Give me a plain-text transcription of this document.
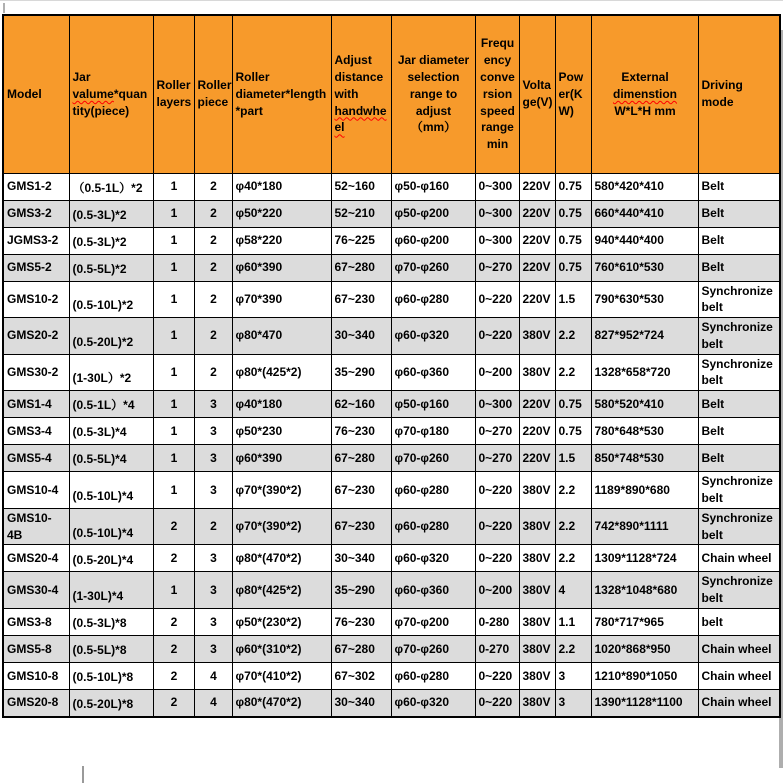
Model	Jar valume*quantity(piece)	Roller layers	Roller piece	Roller diameter*length*part	Adjust distance with handwheel	Jar diameter selection range to adjust （mm）	Frequency conversion speed range min	Voltage(V)	Power(KW)	External dimenstion W*L*H mm	Driving mode
GMS1-2	（0.5-1L）*2	1	2	φ40*180	52~160	φ50-φ160	0~300	220V	0.75	580*420*410	Belt
GMS3-2	(0.5-3L)*2	1	2	φ50*220	52~210	φ50-φ200	0~300	220V	0.75	660*440*410	Belt
JGMS3-2	(0.5-3L)*2	1	2	φ58*220	76~225	φ60-φ200	0~300	220V	0.75	940*440*400	Belt
GMS5-2	(0.5-5L)*2	1	2	φ60*390	67~280	φ70-φ260	0~270	220V	0.75	760*610*530	Belt
GMS10-2	(0.5-10L)*2	1	2	φ70*390	67~230	φ60-φ280	0~220	220V	1.5	790*630*530	Synchronize belt
GMS20-2	(0.5-20L)*2	1	2	φ80*470	30~340	φ60-φ320	0~220	380V	2.2	827*952*724	Synchronize belt
GMS30-2	(1-30L）*2	1	2	φ80*(425*2)	35~290	φ60-φ360	0~200	380V	2.2	1328*658*720	Synchronize belt
GMS1-4	(0.5-1L）*4	1	3	φ40*180	62~160	φ50-φ160	0~300	220V	0.75	580*520*410	Belt
GMS3-4	(0.5-3L)*4	1	3	φ50*230	76~230	φ70-φ180	0~270	220V	0.75	780*648*530	Belt
GMS5-4	(0.5-5L)*4	1	3	φ60*390	67~280	φ70-φ260	0~270	220V	1.5	850*748*530	Belt
GMS10-4	(0.5-10L)*4	1	3	φ70*(390*2)	67~230	φ60-φ280	0~220	380V	2.2	1189*890*680	Synchronize belt
GMS10-4B	(0.5-10L)*4	2	2	φ70*(390*2)	67~230	φ60-φ280	0~220	380V	2.2	742*890*1111	Synchronize belt
GMS20-4	(0.5-20L)*4	2	3	φ80*(470*2)	30~340	φ60-φ320	0~220	380V	2.2	1309*1128*724	Chain wheel
GMS30-4	(1-30L)*4	1	3	φ80*(425*2)	35~290	φ60-φ360	0~200	380V	4	1328*1048*680	Synchronize belt
GMS3-8	(0.5-3L)*8	2	3	φ50*(230*2)	76~230	φ70-φ200	0-280	380V	1.1	780*717*965	belt
GMS5-8	(0.5-5L)*8	2	3	φ60*(310*2)	67~280	φ70-φ260	0-270	380V	2.2	1020*868*950	Chain wheel
GMS10-8	(0.5-10L)*8	2	4	φ70*(410*2)	67~302	φ60-φ280	0~220	380V	3	1210*890*1050	Chain wheel
GMS20-8	(0.5-20L)*8	2	4	φ80*(470*2)	30~340	φ60-φ320	0~220	380V	3	1390*1128*1100	Chain wheel
